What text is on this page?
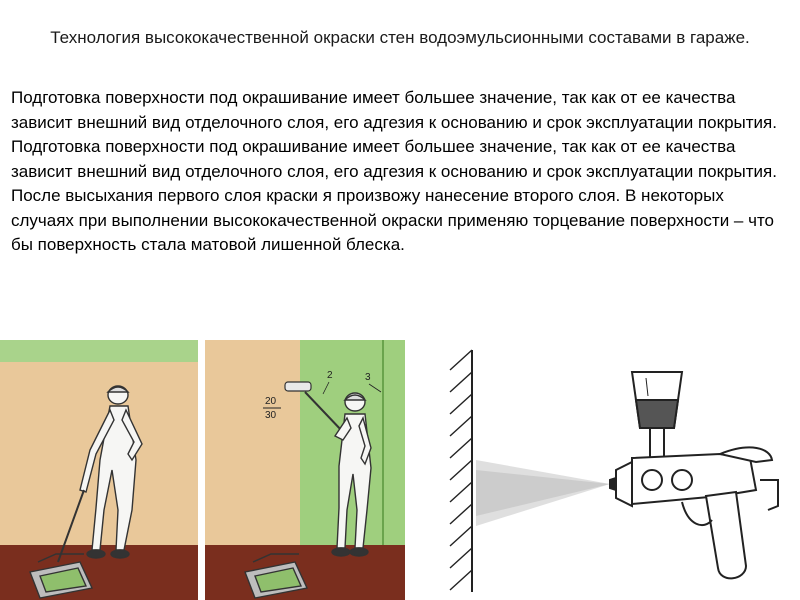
Технология высококачественной окраски стен водоэмульсионными составами в гараже.

Подготовка поверхности под окрашивание имеет большее значение, так как от ее качества зависит внешний вид отделочного слоя, его адгезия к основанию и срок эксплуатации покрытия.

Подготовка поверхности под окрашивание имеет большее значение, так как от ее качества зависит внешний вид отделочного слоя, его адгезия к основанию и срок эксплуатации покрытия.

После высыхания первого слоя краски я произвожу нанесение второго слоя. В некоторых случаях при выполнении высококачественной окраски применяю торцевание поверхности – что бы поверхность стала матовой лишенной блеска.

2	3
20
30
